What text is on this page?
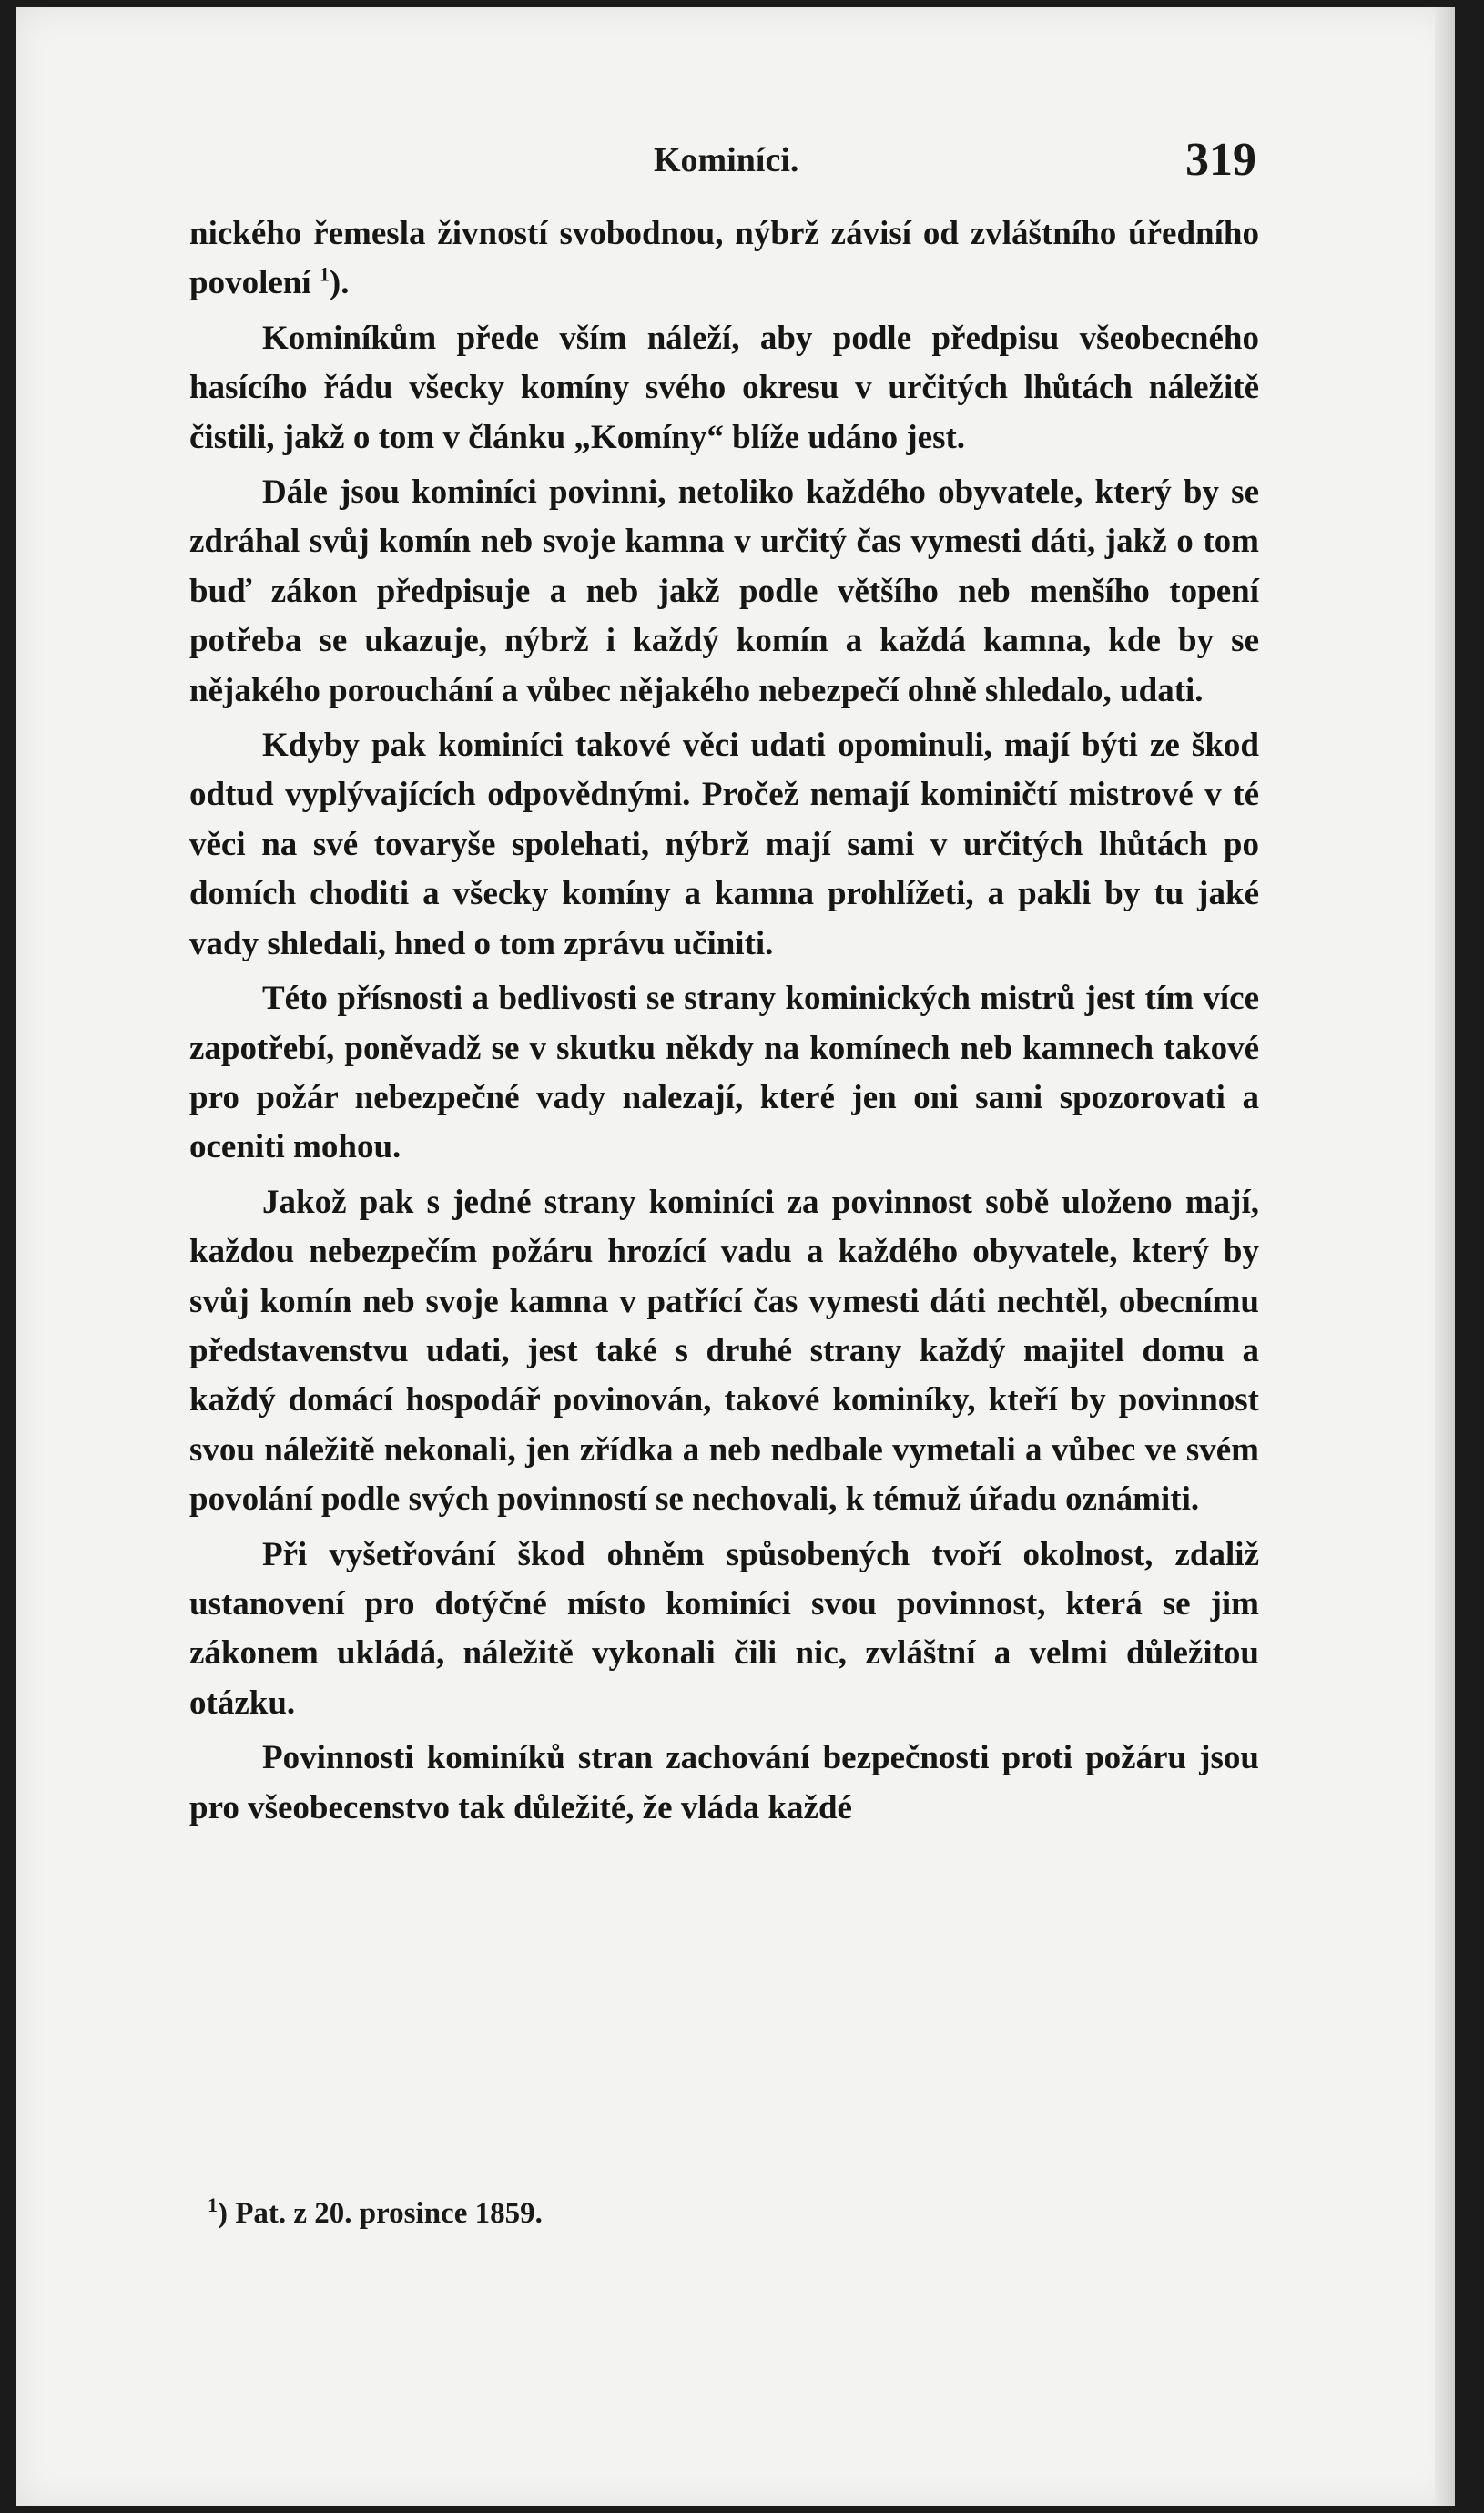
Kominíci.	319

nického řemesla živností svobodnou, nýbrž závisí od zvláštního úředního povolení $^1$).

Kominíkům přede vším náleží, aby podle předpisu všeobecného hasícího řádu všecky komíny svého okresu v určitých lhůtách náležitě čistili, jakž o tom v článku „Komíny“ blíže udáno jest.

Dále jsou kominíci povinni, netoliko každého obyvatele, který by se zdráhal svůj komín neb svoje kamna v určitý čas vymesti dáti, jakž o tom buď zákon předpisuje a neb jakž podle většího neb menšího topení potřeba se ukazuje, nýbrž i každý komín a každá kamna, kde by se nějakého porouchání a vůbec nějakého nebezpečí ohně shledalo, udati.

Kdyby pak kominíci takové věci udati opominuli, mají býti ze škod odtud vyplývajících odpovědnými. Pročež nemají kominičtí mistrové v té věci na své tovaryše spolehati, nýbrž mají sami v určitých lhůtách po domích choditi a všecky komíny a kamna prohlížeti, a pakli by tu jaké vady shledali, hned o tom zprávu učiniti.

Této přísnosti a bedlivosti se strany kominických mistrů jest tím více zapotřebí, poněvadž se v skutku někdy na komínech neb kamnech takové pro požár nebezpečné vady nalezají, které jen oni sami spozorovati a oceniti mohou.

Jakož pak s jedné strany kominíci za povinnost sobě uloženo mají, každou nebezpečím požáru hrozící vadu a každého obyvatele, který by svůj komín neb svoje kamna v patřící čas vymesti dáti nechtěl, obecnímu představenstvu udati, jest také s druhé strany každý majitel domu a každý domácí hospodář povinován, takové kominíky, kteří by povinnost svou náležitě nekonali, jen zřídka a neb nedbale vymetali a vůbec ve svém povolání podle svých povinností se nechovali, k témuž úřadu oznámiti.

Při vyšetřování škod ohněm spůsobených tvoří okolnost, zdaliž ustanovení pro dotýčné místo kominíci svou povinnost, která se jim zákonem ukládá, náležitě vykonali čili nic, zvláštní a velmi důležitou otázku.

Povinnosti kominíků stran zachování bezpečnosti proti požáru jsou pro všeobecenstvo tak důležité, že vláda každé

$^1$) Pat. z 20. prosince 1859.
